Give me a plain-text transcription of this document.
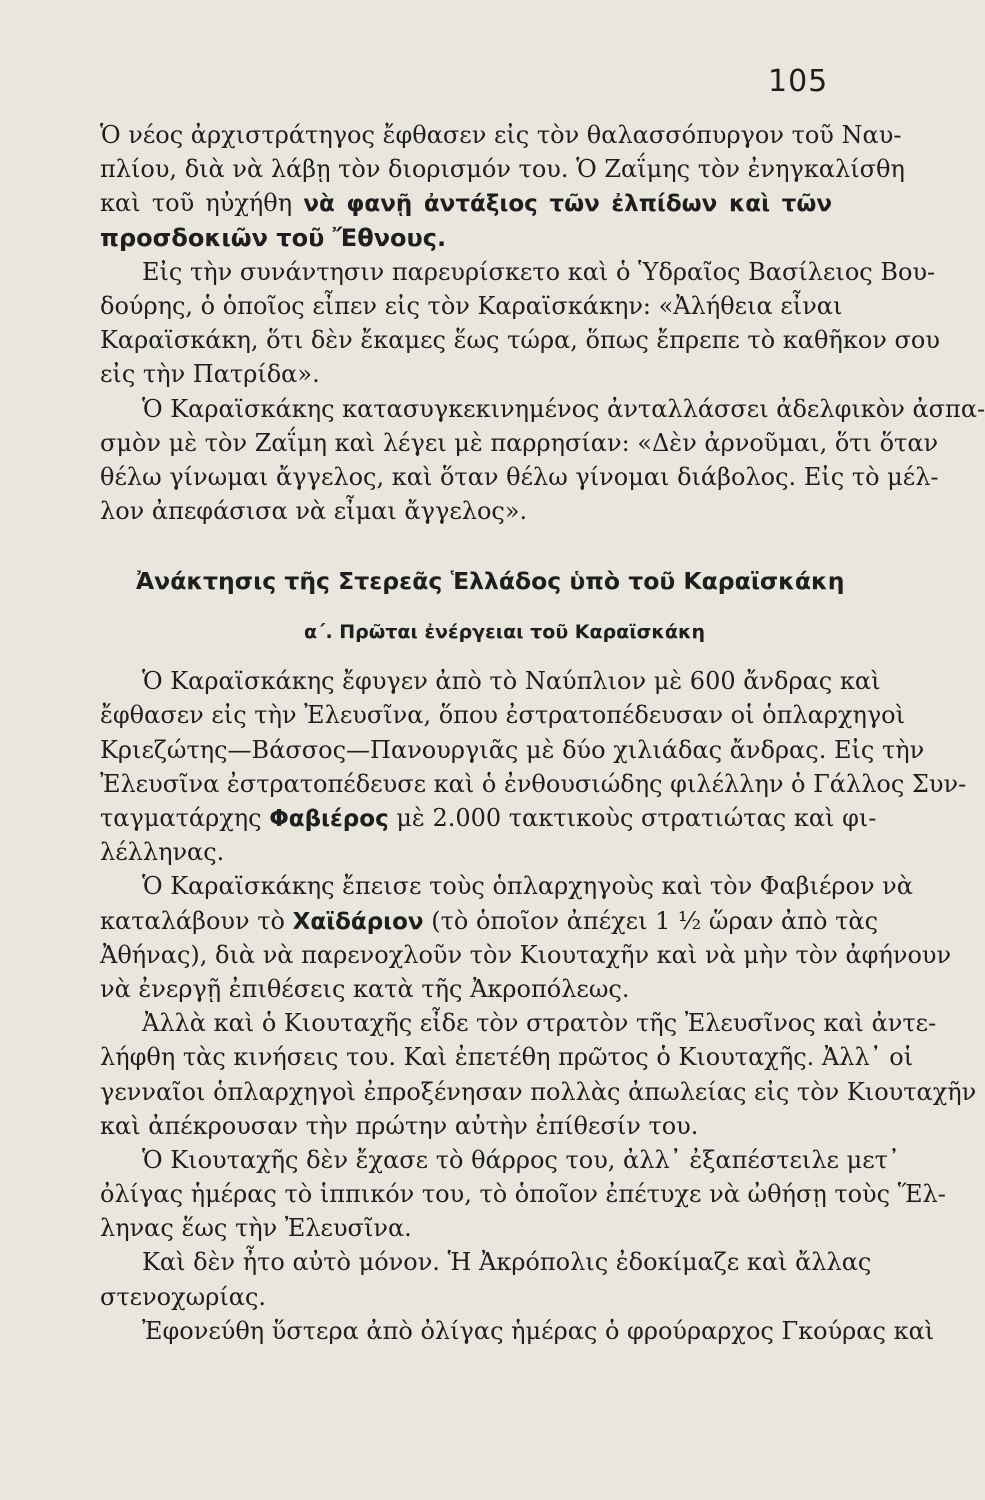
105
Ὁ νέος ἀρχιστράτηγος ἔφθασεν εἰς τὸν θαλασσόπυργον τοῦ Ναυ-
πλίου, διὰ νὰ λάβῃ τὸν διορισμόν του. Ὁ Ζαΐμης τὸν ἐνηγκαλίσθη
καὶ τοῦ ηὐχήθη νὰ φανῇ ἀντάξιος τῶν ἐλπίδων καὶ τῶν
προσδοκιῶν τοῦ Ἔθνους.
Εἰς τὴν συνάντησιν παρευρίσκετο καὶ ὁ Ὑδραῖος Βασίλειος Βου-
δούρης, ὁ ὁποῖος εἶπεν εἰς τὸν Καραϊσκάκην: «Ἀλήθεια εἶναι
Καραϊσκάκη, ὅτι δὲν ἔκαμες ἕως τώρα, ὅπως ἔπρεπε τὸ καθῆκον σου
εἰς τὴν Πατρίδα».
Ὁ Καραϊσκάκης κατασυγκεκινημένος ἀνταλλάσσει ἀδελφικὸν ἀσπα-
σμὸν μὲ τὸν Ζαΐμη καὶ λέγει μὲ παρρησίαν: «Δὲν ἀρνοῦμαι, ὅτι ὅταν
θέλω γίνωμαι ἄγγελος, καὶ ὅταν θέλω γίνομαι διάβολος. Εἰς τὸ μέλ-
λον ἀπεφάσισα νὰ εἶμαι ἄγγελος».
Ἀνάκτησις τῆς Στερεᾶς Ἑλλάδος ὑπὸ τοῦ Καραϊσκάκη
α΄. Πρῶται ἐνέργειαι τοῦ Καραϊσκάκη
Ὁ Καραϊσκάκης ἔφυγεν ἀπὸ τὸ Ναύπλιον μὲ 600 ἄνδρας καὶ
ἔφθασεν εἰς τὴν Ἐλευσῖνα, ὅπου ἐστρατοπέδευσαν οἱ ὁπλαρχηγοὶ
Κριεζώτης—Βάσσος—Πανουργιᾶς μὲ δύο χιλιάδας ἄνδρας. Εἰς τὴν
Ἐλευσῖνα ἐστρατοπέδευσε καὶ ὁ ἐνθουσιώδης φιλέλλην ὁ Γάλλος Συν-
ταγματάρχης Φαβιέρος μὲ 2.000 τακτικοὺς στρατιώτας καὶ φι-
λέλληνας.
Ὁ Καραϊσκάκης ἔπεισε τοὺς ὁπλαρχηγοὺς καὶ τὸν Φαβιέρον νὰ
καταλάβουν τὸ Χαϊδάριον (τὸ ὁποῖον ἀπέχει 1 ½ ὥραν ἀπὸ τὰς
Ἀθήνας), διὰ νὰ παρενοχλοῦν τὸν Κιουταχῆν καὶ νὰ μὴν τὸν ἀφήνουν
νὰ ἐνεργῇ ἐπιθέσεις κατὰ τῆς Ἀκροπόλεως.
Ἀλλὰ καὶ ὁ Κιουταχῆς εἶδε τὸν στρατὸν τῆς Ἐλευσῖνος καὶ ἀντε-
λήφθη τὰς κινήσεις του. Καὶ ἐπετέθη πρῶτος ὁ Κιουταχῆς. Ἀλλ᾽ οἱ
γενναῖοι ὁπλαρχηγοὶ ἐπροξένησαν πολλὰς ἀπωλείας εἰς τὸν Κιουταχῆν
καὶ ἀπέκρουσαν τὴν πρώτην αὐτὴν ἐπίθεσίν του.
Ὁ Κιουταχῆς δὲν ἔχασε τὸ θάρρος του, ἀλλ᾽ ἐξαπέστειλε μετ᾽
ὀλίγας ἡμέρας τὸ ἱππικόν του, τὸ ὁποῖον ἐπέτυχε νὰ ὠθήσῃ τοὺς Ἕλ-
ληνας ἕως τὴν Ἐλευσῖνα.
Καὶ δὲν ἦτο αὐτὸ μόνον. Ἡ Ἀκρόπολις ἐδοκίμαζε καὶ ἄλλας
στενοχωρίας.
Ἐφονεύθη ὕστερα ἀπὸ ὀλίγας ἡμέρας ὁ φρούραρχος Γκούρας καὶ
